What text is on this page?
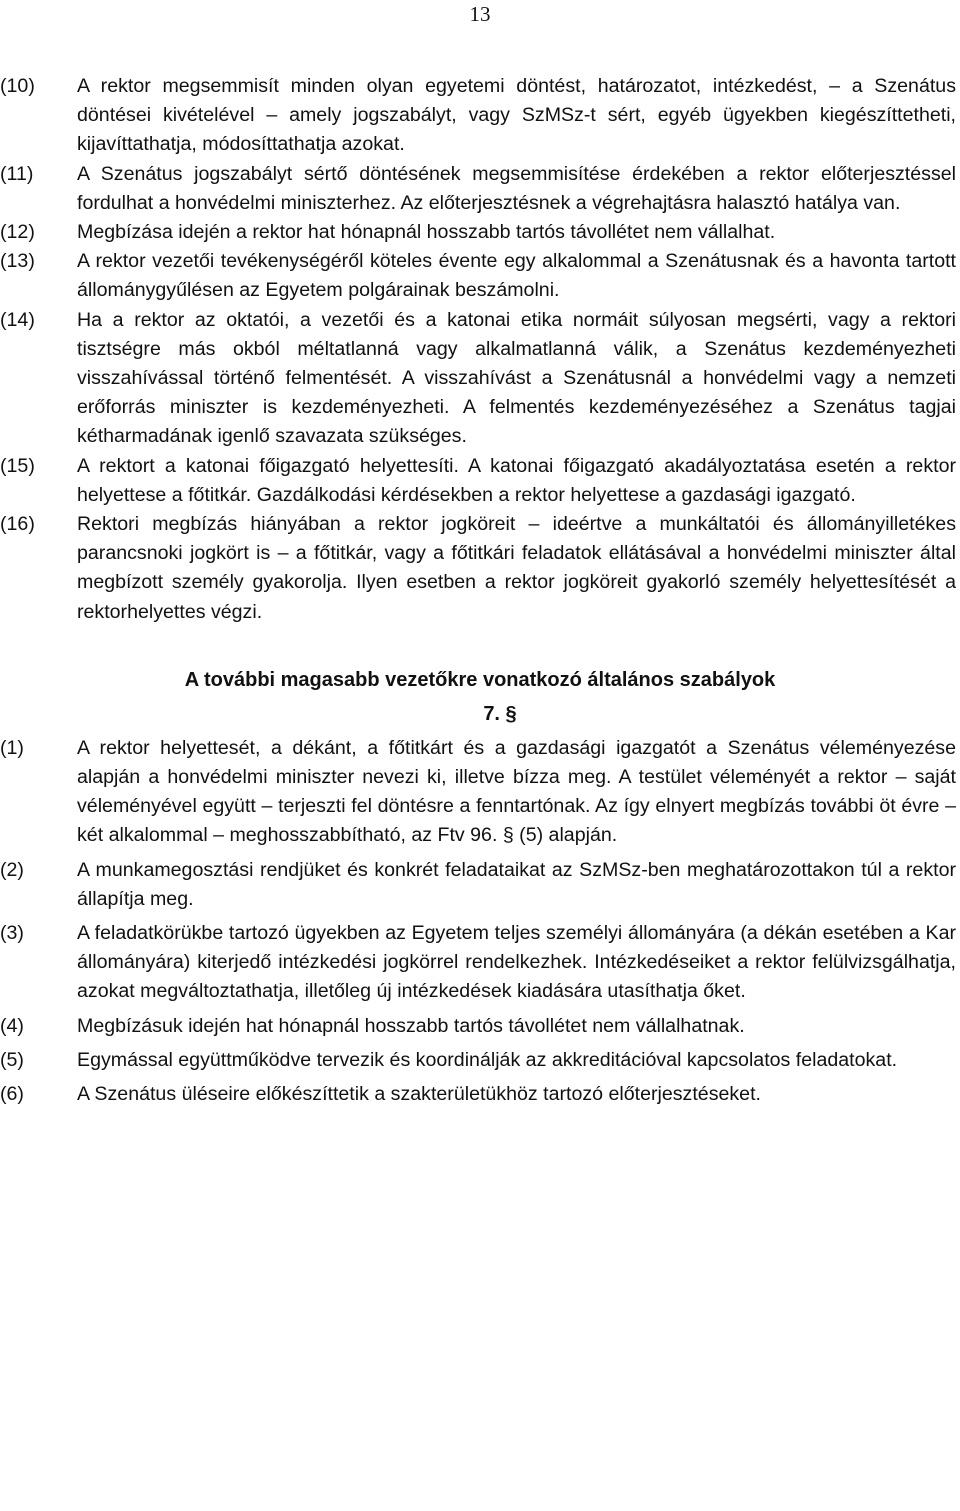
13
(10) A rektor megsemmisít minden olyan egyetemi döntést, határozatot, intézkedést, – a Szenátus döntései kivételével – amely jogszabályt, vagy SzMSz-t sért, egyéb ügyekben kiegészíttetheti, kijavíttathatja, módosíttathatja azokat.
(11) A Szenátus jogszabályt sértő döntésének megsemmisítése érdekében a rektor előterjesztéssel fordulhat a honvédelmi miniszterhez. Az előterjesztésnek a végrehajtásra halasztó hatálya van.
(12) Megbízása idején a rektor hat hónapnál hosszabb tartós távollétet nem vállalhat.
(13) A rektor vezetői tevékenységéről köteles évente egy alkalommal a Szenátusnak és a havonta tartott állománygyűlésen az Egyetem polgárainak beszámolni.
(14) Ha a rektor az oktatói, a vezetői és a katonai etika normáit súlyosan megsérti, vagy a rektori tisztségre más okból méltatlanná vagy alkalmatlanná válik, a Szenátus kezdeményezheti visszahívással történő felmentését. A visszahívást a Szenátusnál a honvédelmi vagy a nemzeti erőforrás miniszter is kezdeményezheti. A felmentés kezdeményezéséhez a Szenátus tagjai kétharmadának igenlő szavazata szükséges.
(15) A rektort a katonai főigazgató helyettesíti. A katonai főigazgató akadályoztatása esetén a rektor helyettese a főtitkár. Gazdálkodási kérdésekben a rektor helyettese a gazdasági igazgató.
(16) Rektori megbízás hiányában a rektor jogköreit – ideértve a munkáltatói és állományilletékes parancsnoki jogkört is – a főtitkár, vagy a főtitkári feladatok ellátásával a honvédelmi miniszter által megbízott személy gyakorolja. Ilyen esetben a rektor jogköreit gyakorló személy helyettesítését a rektorhelyettes végzi.
A további magasabb vezetőkre vonatkozó általános szabályok
7. §
(1)	A rektor helyettesét, a dékánt, a főtitkárt és a gazdasági igazgatót a Szenátus véleményezése alapján a honvédelmi miniszter nevezi ki, illetve bízza meg. A testület véleményét a rektor – saját véleményével együtt – terjeszti fel döntésre a fenntartónak. Az így elnyert megbízás további öt évre – két alkalommal – meghosszabbítható, az Ftv 96. § (5) alapján.
(2)	A munkamegosztási rendjüket és konkrét feladataikat az SzMSz-ben meghatározottakon túl a rektor állapítja meg.
(3)	A feladatkörükbe tartozó ügyekben az Egyetem teljes személyi állományára (a dékán esetében a Kar állományára) kiterjedő intézkedési jogkörrel rendelkezhek. Intézkedéseiket a rektor felülvizsgálhatja, azokat megváltoztathatja, illetőleg új intézkedések kiadására utasíthatja őket.
(4)	Megbízásuk idején hat hónapnál hosszabb tartós távollétet nem vállalhatnak.
(5)	Egymással együttműködve tervezik és koordinálják az akkreditációval kapcsolatos feladatokat.
(6)	A Szenátus üléseire előkészíttetik a szakterületükhöz tartozó előterjesztéseket.
